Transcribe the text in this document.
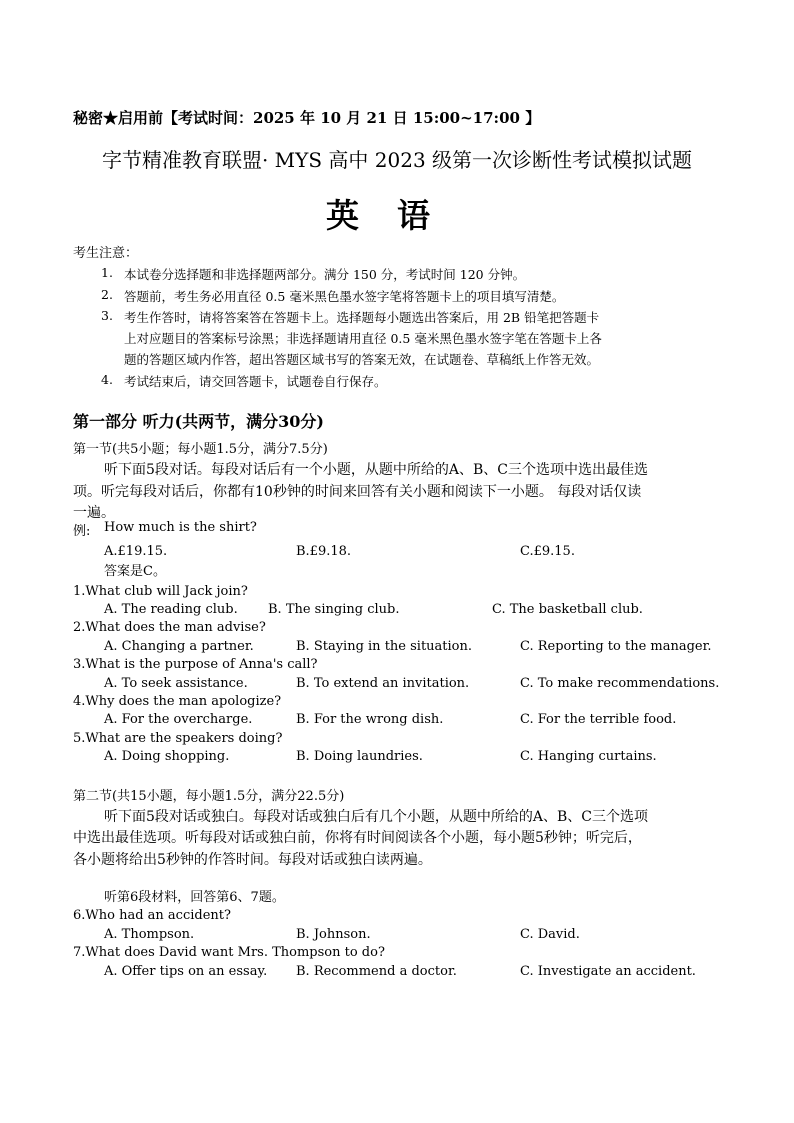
秘密★启用前【考试时间：2025 年 10 月 21 日 15:00~17:00 】
字节精准教育联盟· MYS 高中 2023 级第一次诊断性考试模拟试题
英语
考生注意：
1. 本试卷分选择题和非选择题两部分。满分 150 分，考试时间 120 分钟。
2. 答题前，考生务必用直径 0.5 毫米黑色墨水签字笔将答题卡上的项目填写清楚。
3. 考生作答时，请将答案答在答题卡上。选择题每小题选出答案后，用 2B 铅笔把答题卡
上对应题目的答案标号涂黑；非选择题请用直径 0.5 毫米黑色墨水签字笔在答题卡上各
题的答题区域内作答，超出答题区域书写的答案无效，在试题卷、草稿纸上作答无效。
4. 考试结束后，请交回答题卡，试题卷自行保存。
第一部分 听力(共两节，满分30分)
第一节(共5小题；每小题1.5分，满分7.5分)
听下面5段对话。每段对话后有一个小题，从题中所给的A、B、C三个选项中选出最佳选
项。听完每段对话后，你都有10秒钟的时间来回答有关小题和阅读下一小题。 每段对话仅读
一遍。
例: How much is the shirt?
A.£19.15.	B.£9.18.	C.£9.15.
答案是C。
1.What club will Jack join?
A. The reading club. B. The singing club.	C. The basketball club.
2.What does the man advise?
A. Changing a partner.	B. Staying in the situation.	C. Reporting to the manager.
3.What is the purpose of Anna's call?
A. To seek assistance.	B. To extend an invitation.	C. To make recommendations.
4.Why does the man apologize?
A. For the overcharge.	B. For the wrong dish.	C. For the terrible food.
5.What are the speakers doing?
A. Doing shopping.	B. Doing laundries.	C. Hanging curtains.
第二节(共15小题，每小题1.5分，满分22.5分)
听下面5段对话或独白。每段对话或独白后有几个小题，从题中所给的A、B、C三个选项
中选出最佳选项。听每段对话或独白前，你将有时间阅读各个小题，每小题5秒钟；听完后，
各小题将给出5秒钟的作答时间。每段对话或独白读两遍。
听第6段材料，回答第6、7题。
6.Who had an accident?
A. Thompson.	B. Johnson.	C. David.
7.What does David want Mrs. Thompson to do?
A. Offer tips on an essay. B. Recommend a doctor.	C. Investigate an accident.
